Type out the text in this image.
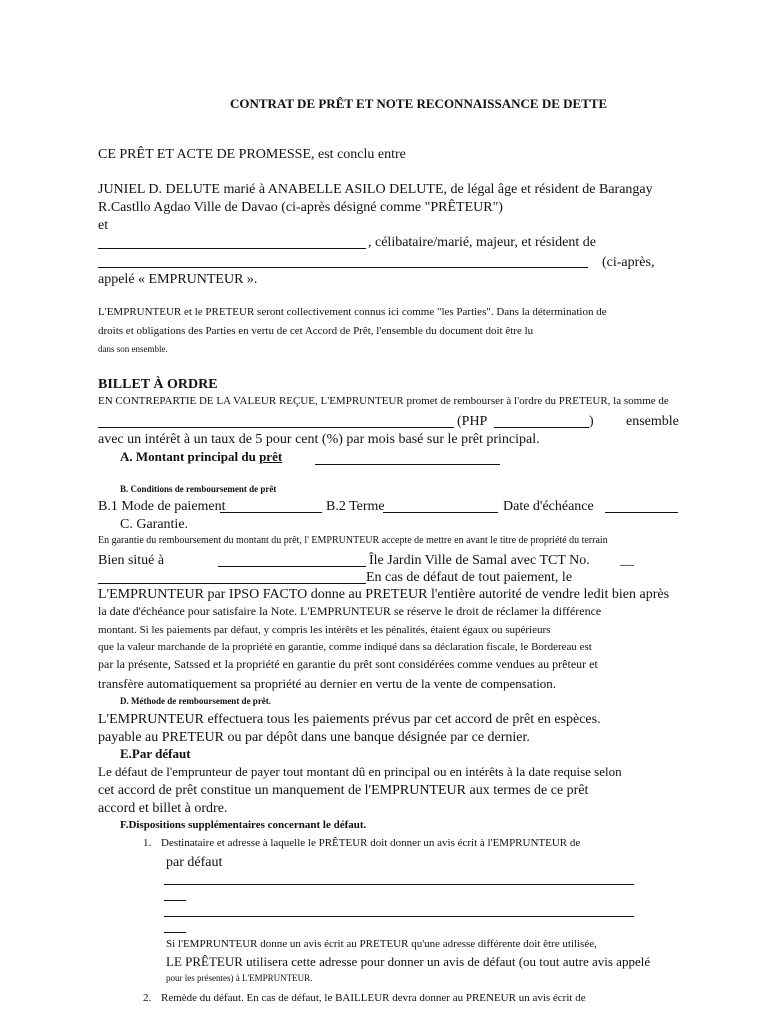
CONTRAT DE PRÊT ET NOTE RECONNAISSANCE DE DETTE
CE PRÊT ET ACTE DE PROMESSE, est conclu entre
JUNIEL D. DELUTE marié à ANABELLE ASILO DELUTE, de légal âge et résident de Barangay
R.Castllo Agdao Ville de Davao (ci-après désigné comme "PRÊTEUR")
et
, célibataire/marié, majeur, et résident de
(ci-après,
appelé « EMPRUNTEUR ».
L'EMPRUNTEUR et le PRETEUR seront collectivement connus ici comme "les Parties". Dans la détermination de
droits et obligations des Parties en vertu de cet Accord de Prêt, l'ensemble du document doit être lu
dans son ensemble.
BILLET À ORDRE
EN CONTREPARTIE DE LA VALEUR REÇUE, L'EMPRUNTEUR promet de rembourser à l'ordre du PRETEUR, la somme de
(PHP	) ensemble
avec un intérêt à un taux de 5 pour cent (%) par mois basé sur le prêt principal.
A. Montant principal du prêt
B. Conditions de remboursement de prêt
B.1 Mode de paiement	B.2 Terme	Date d'échéance
C. Garantie.
En garantie du remboursement du montant du prêt, l' EMPRUNTEUR accepte de mettre en avant le titre de propriété du terrain
Bien situé à	Île Jardin Ville de Samal avec TCT No. __
En cas de défaut de tout paiement, le
L'EMPRUNTEUR par IPSO FACTO donne au PRETEUR l'entière autorité de vendre ledit bien après
la date d'échéance pour satisfaire la Note. L'EMPRUNTEUR se réserve le droit de réclamer la différence
montant. Si les paiements par défaut, y compris les intérêts et les pénalités, étaient égaux ou supérieurs
que la valeur marchande de la propriété en garantie, comme indiqué dans sa déclaration fiscale, le Bordereau est
par la présente, Satssed et la propriété en garantie du prêt sont considérées comme vendues au prêteur et
transfère automatiquement sa propriété au dernier en vertu de la vente de compensation.
D. Méthode de remboursement de prêt.
L'EMPRUNTEUR effectuera tous les paiements prévus par cet accord de prêt en espèces.
payable au PRETEUR ou par dépôt dans une banque désignée par ce dernier.
E.Par défaut
Le défaut de l'emprunteur de payer tout montant dû en principal ou en intérêts à la date requise selon
cet accord de prêt constitue un manquement de l'EMPRUNTEUR aux termes de ce prêt
accord et billet à ordre.
F.Dispositions supplémentaires concernant le défaut.
1. Destinataire et adresse à laquelle le PRÊTEUR doit donner un avis écrit à l'EMPRUNTEUR de
par défaut
Si l'EMPRUNTEUR donne un avis écrit au PRETEUR qu'une adresse différente doit être utilisée,
LE PRÊTEUR utilisera cette adresse pour donner un avis de défaut (ou tout autre avis appelé
pour les présentes) à L'EMPRUNTEUR.
2. Remède du défaut. En cas de défaut, le BAILLEUR devra donner au PRENEUR un avis écrit de
